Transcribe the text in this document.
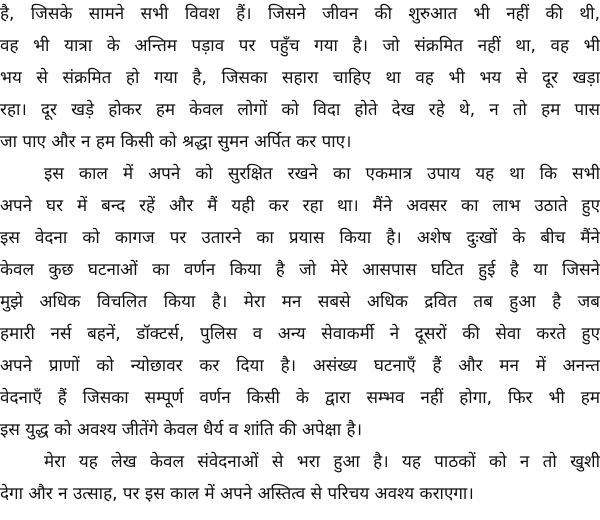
है, जिसके सामने सभी विवश हैं। जिसने जीवन की शुरुआत भी नहीं की थी,
वह भी यात्रा के अन्तिम पड़ाव पर पहुँच गया है। जो संक्रमित नहीं था, वह भी
भय से संक्रमित हो गया है, जिसका सहारा चाहिए था वह भी भय से दूर खड़ा
रहा। दूर खड़े होकर हम केवल लोगों को विदा होते देख रहे थे, न तो हम पास
जा पाए और न हम किसी को श्रद्धा सुमन अर्पित कर पाए।
इस काल में अपने को सुरक्षित रखने का एकमात्र उपाय यह था कि सभी
अपने घर में बन्द रहें और मैं यही कर रहा था। मैंने अवसर का लाभ उठाते हुए
इस वेदना को कागज पर उतारने का प्रयास किया है। अशेष दुःखों के बीच मैंने
केवल कुछ घटनाओं का वर्णन किया है जो मेरे आसपास घटित हुई है या जिसने
मुझे अधिक विचलित किया है। मेरा मन सबसे अधिक द्रवित तब हुआ है जब
हमारी नर्स बहनें, डॉक्टर्स, पुलिस व अन्य सेवाकर्मी ने दूसरों की सेवा करते हुए
अपने प्राणों को न्योछावर कर दिया है। असंख्य घटनाएँ हैं और मन में अनन्त
वेदनाएँ हैं जिसका सम्पूर्ण वर्णन किसी के द्वारा सम्भव नहीं होगा, फिर भी हम
इस युद्ध को अवश्य जीतेंगे केवल धैर्य व शांति की अपेक्षा है।
मेरा यह लेख केवल संवेदनाओं से भरा हुआ है। यह पाठकों को न तो खुशी
देगा और न उत्साह, पर इस काल में अपने अस्तित्व से परिचय अवश्य कराएगा।
